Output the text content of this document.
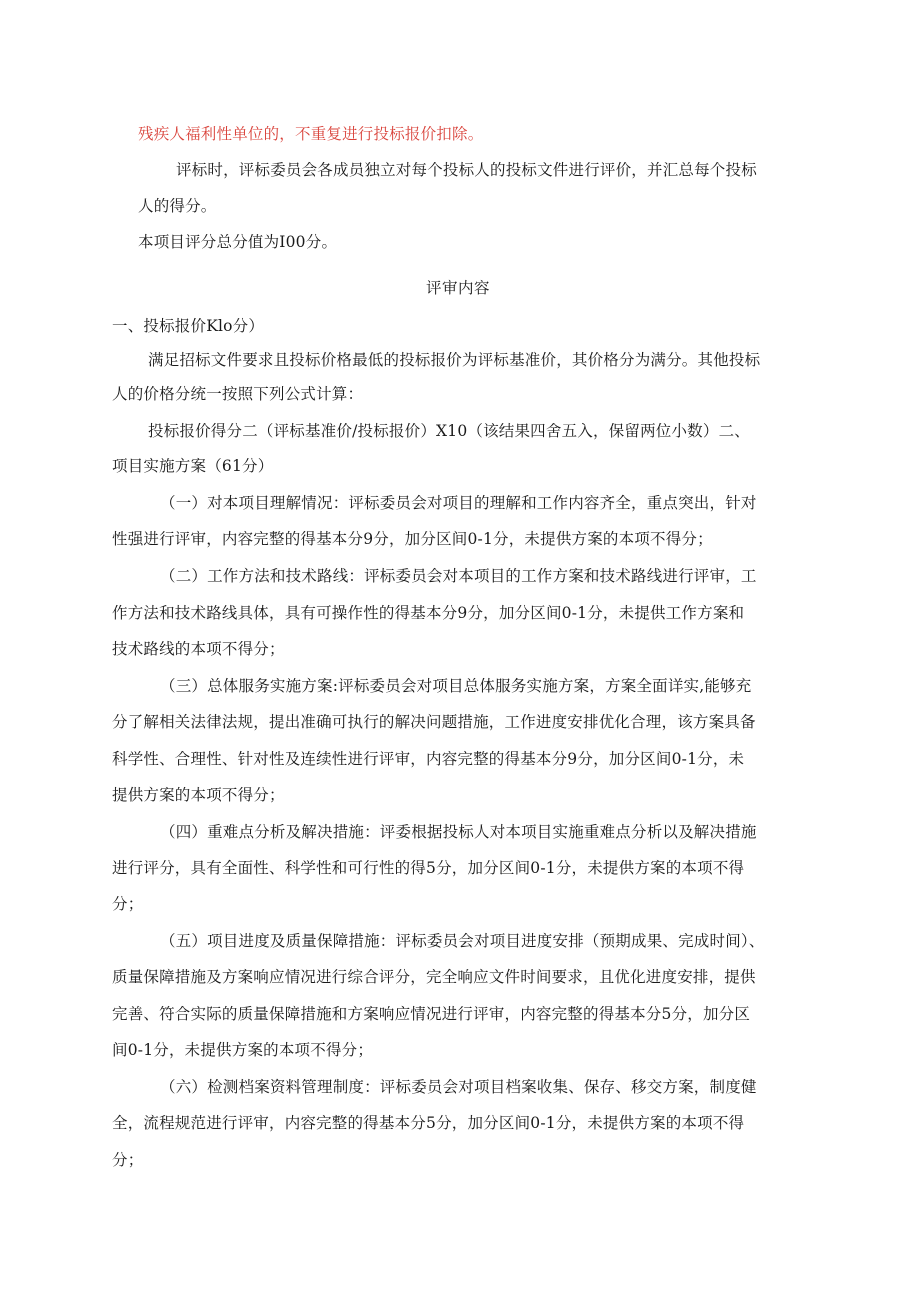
残疾人福利性单位的，不重复进行投标报价扣除。
评标时，评标委员会各成员独立对每个投标人的投标文件进行评价，并汇总每个投标
人的得分。
本项目评分总分值为I00分。
评审内容
一、投标报价Klo分）
满足招标文件要求且投标价格最低的投标报价为评标基准价，其价格分为满分。其他投标
人的价格分统一按照下列公式计算：
投标报价得分二（评标基准价/投标报价）X10（该结果四舍五入，保留两位小数）二、
项目实施方案（61分）
（一）对本项目理解情况：评标委员会对项目的理解和工作内容齐全，重点突出，针对
性强进行评审，内容完整的得基本分9分，加分区间0-1分，未提供方案的本项不得分；
（二）工作方法和技术路线：评标委员会对本项目的工作方案和技术路线进行评审，工
作方法和技术路线具体，具有可操作性的得基本分9分，加分区间0-1分，未提供工作方案和
技术路线的本项不得分；
（三）总体服务实施方案:评标委员会对项目总体服务实施方案，方案全面详实,能够充
分了解相关法律法规，提出准确可执行的解决问题措施，工作进度安排优化合理，该方案具备
科学性、合理性、针对性及连续性进行评审，内容完整的得基本分9分，加分区间0-1分，未
提供方案的本项不得分；
（四）重难点分析及解决措施：评委根据投标人对本项目实施重难点分析以及解决措施
进行评分，具有全面性、科学性和可行性的得5分，加分区间0-1分，未提供方案的本项不得
分；
（五）项目进度及质量保障措施：评标委员会对项目进度安排（预期成果、完成时间）、
质量保障措施及方案响应情况进行综合评分，完全响应文件时间要求，且优化进度安排，提供
完善、符合实际的质量保障措施和方案响应情况进行评审，内容完整的得基本分5分，加分区
间0-1分，未提供方案的本项不得分；
（六）检测档案资料管理制度：评标委员会对项目档案收集、保存、移交方案，制度健
全，流程规范进行评审，内容完整的得基本分5分，加分区间0-1分，未提供方案的本项不得
分；
